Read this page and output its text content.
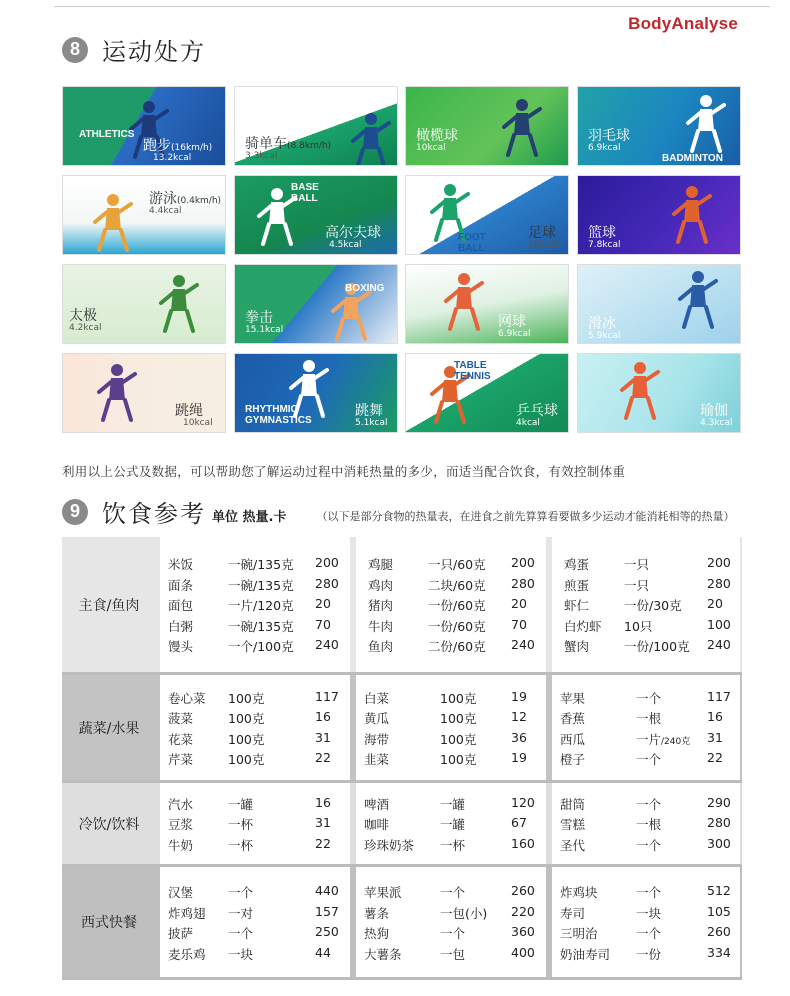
BodyAnalyse
8 运动处方
ATHLETICS
跑步(16km/h)
13.2kcal
CYCLING
骑单车(8.8km/h)
3.3kcal
橄榄球
10kcal
BADMINTON
羽毛球
6.9kcal
游泳(0.4km/h)
4.4kcal
BASE
BALL
高尔夫球
4.5kcal
FOOT
BALL
足球
10kcal
篮球
7.8kcal
太极
4.2kcal
BOXING
拳击
15.1kcal	网球
6.9kcal
滑冰
5.9kcal
跳绳
10kcal
RHYTHMIC
GYMNASTICS
跳舞
5.1kcal
TABLE
TENNIS
乒乓球
4kcal
瑜伽
4.3kcal
利用以上公式及数据，可以帮助您了解运动过程中消耗热量的多少，而适当配合饮食，有效控制体重
9 饮食参考 单位 热量.卡	（以下是部分食物的热量表，在进食之前先算算看要做多少运动才能消耗相等的热量）
主食/鱼肉
米饭	一碗/135克 200
面条	一碗/135克 280
面包	一片/120克 20
白粥	一碗/135克 70
馒头	一个/100克 240
鸡腿	一只/60克 200
鸡肉	二块/60克 280
猪肉	一份/60克 20
牛肉	一份/60克 70
鱼肉	二份/60克 240
鸡蛋	一只	200
煎蛋	一只	280
虾仁	一份/30克 20
白灼虾 10只	100
蟹肉	一份/100克 240
蔬菜/水果
卷心菜 100克	117
菠菜	100克	16
花菜	100克	31
芹菜	100克	22
白菜	100克	19
黄瓜	100克	12
海带	100克	36
韭菜	100克	19
苹果	一个	117
香蕉	一根	16
西瓜	一片/240克 31
橙子	一个	22
冷饮/饮料
汽水	一罐	16
豆浆	一杯	31
牛奶	一杯	22
啤酒	一罐	120
咖啡	一罐	67
珍珠奶茶 一杯	160
甜筒	一个	290
雪糕	一根	280
圣代	一个	300
西式快餐
汉堡	一个	440
炸鸡翅 一对	157
披萨	一个	250
麦乐鸡 一块	44
苹果派	一个	260
薯条	一包(小) 220
热狗	一个	360
大薯条	一包	400
炸鸡块	一个	512
寿司	一块	105
三明治	一个	260
奶油寿司 一份	334
